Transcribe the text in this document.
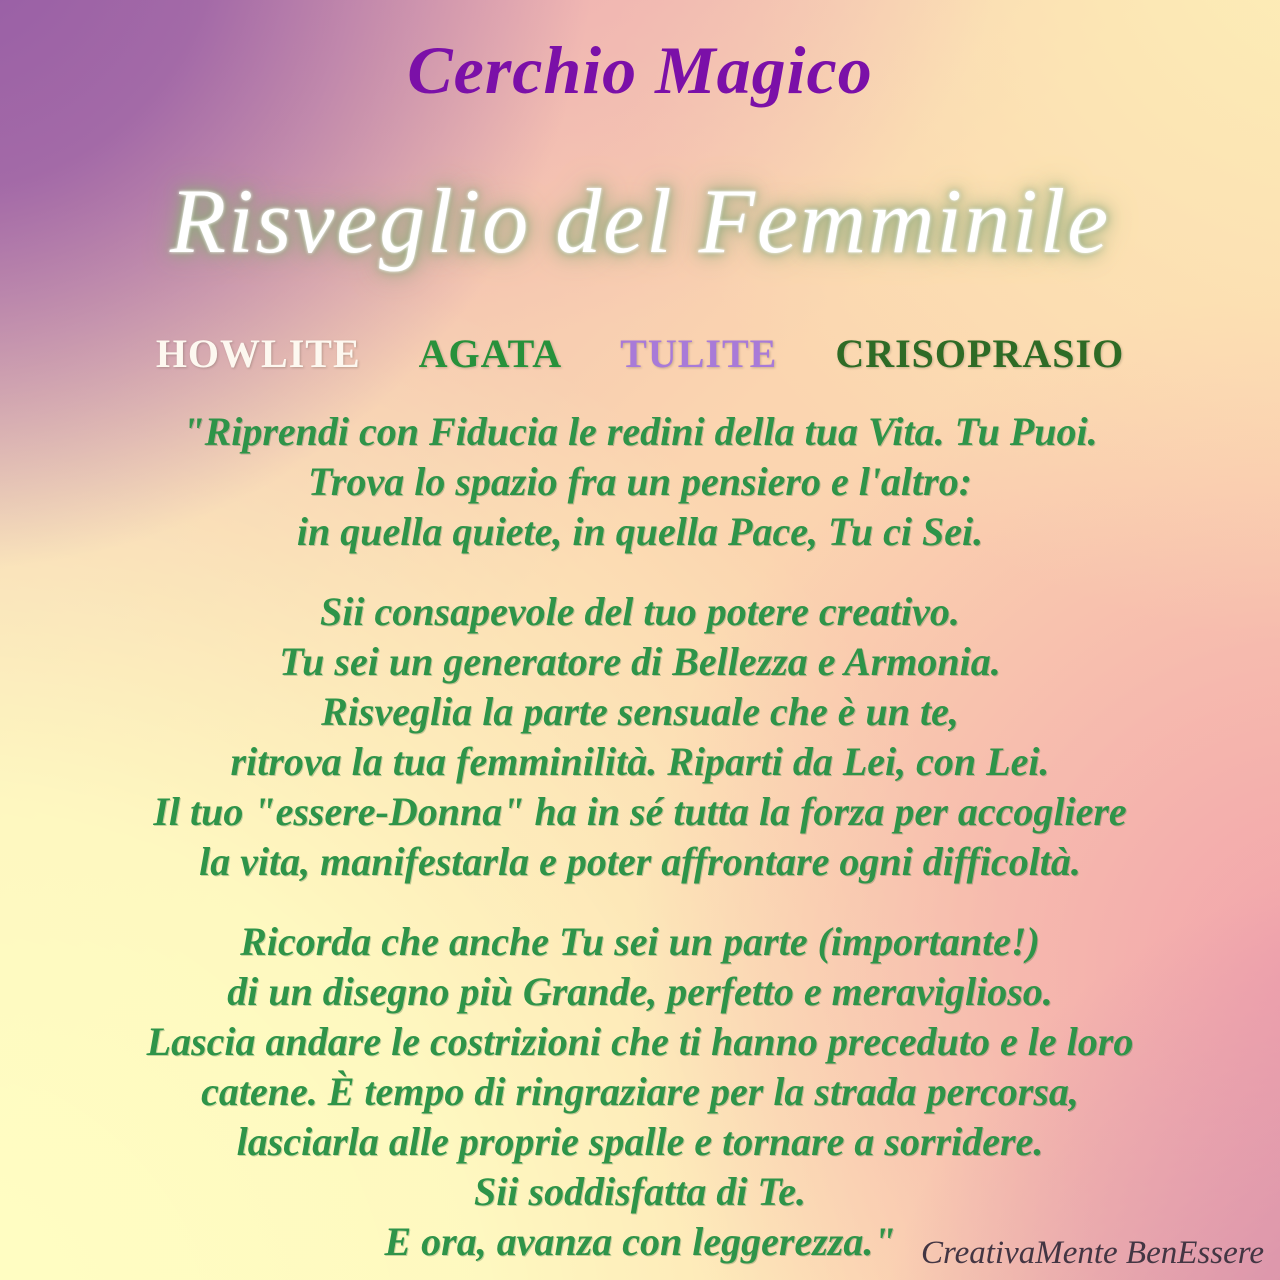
Cerchio Magico
Risveglio del Femminile
HOWLITE AGATA TULITE CRISOPRASIO
"Riprendi con Fiducia le redini della tua Vita. Tu Puoi.
Trova lo spazio fra un pensiero e l'altro:
in quella quiete, in quella Pace, Tu ci Sei.
Sii consapevole del tuo potere creativo.
Tu sei un generatore di Bellezza e Armonia.
Risveglia la parte sensuale che è un te,
ritrova la tua femminilità. Riparti da Lei, con Lei.
Il tuo "essere-Donna" ha in sé tutta la forza per accogliere
la vita, manifestarla e poter affrontare ogni difficoltà.
Ricorda che anche Tu sei un parte (importante!)
di un disegno più Grande, perfetto e meraviglioso.
Lascia andare le costrizioni che ti hanno preceduto e le loro
catene. È tempo di ringraziare per la strada percorsa,
lasciarla alle proprie spalle e tornare a sorridere.
Sii soddisfatta di Te.
E ora, avanza con leggerezza." CreativaMente BenEssere
